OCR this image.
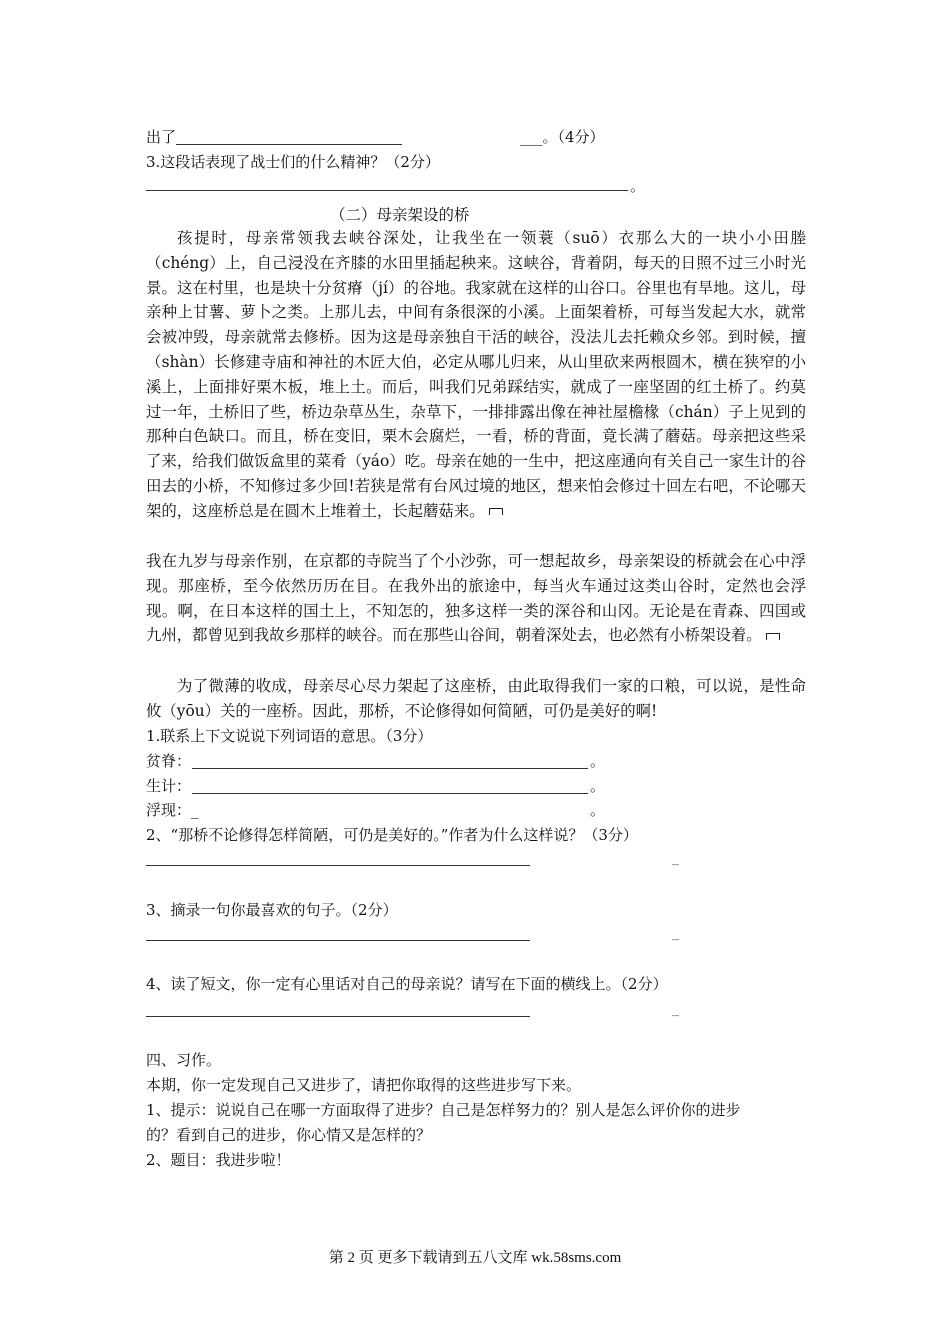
出了	___。（4分）
3.这段话表现了战士们的什么精神？（2分）
。
（二）母亲架设的桥
孩提时，母亲常领我去峡谷深处，让我坐在一领蓑（suō）衣那么大的一块小小田塍（chéng）上，自己浸没在齐膝的水田里插起秧来。这峡谷，背着阴，每天的日照不过三小时光景。这在村里，也是块十分贫瘠（jí）的谷地。我家就在这样的山谷口。谷里也有旱地。这儿，母亲种上甘薯、萝卜之类。上那儿去，中间有条很深的小溪。上面架着桥，可每当发起大水，就常会被冲毁，母亲就常去修桥。因为这是母亲独自干活的峡谷，没法儿去托赖众乡邻。到时候，擅（shàn）长修建寺庙和神社的木匠大伯，必定从哪儿归来，从山里砍来两根圆木，横在狭窄的小溪上，上面排好栗木板，堆上土。而后，叫我们兄弟踩结实，就成了一座坚固的红土桥了。约莫过一年，土桥旧了些，桥边杂草丛生，杂草下，一排排露出像在神社屋檐椽（chán）子上见到的那种白色缺口。而且，桥在变旧，栗木会腐烂，一看，桥的背面，竟长满了蘑菇。母亲把这些采了来，给我们做饭盒里的菜肴（yáo）吃。母亲在她的一生中，把这座通向有关自己一家生计的谷田去的小桥，不知修过多少回!若狭是常有台风过境的地区，想来怕会修过十回左右吧，不论哪天架的，这座桥总是在圆木上堆着土，长起蘑菇来。
我在九岁与母亲作别，在京都的寺院当了个小沙弥，可一想起故乡，母亲架设的桥就会在心中浮现。那座桥，至今依然历历在目。在我外出的旅途中，每当火车通过这类山谷时，定然也会浮现。啊，在日本这样的国土上，不知怎的，独多这样一类的深谷和山冈。无论是在青森、四国或九州，都曾见到我故乡那样的峡谷。而在那些山谷间，朝着深处去，也必然有小桥架设着。
为了微薄的收成，母亲尽心尽力架起了这座桥，由此取得我们一家的口粮，可以说，是性命攸（yōu）关的一座桥。因此，那桥，不论修得如何简陋，可仍是美好的啊!
1.联系上下文说说下列词语的意思。（3分）
贫脊：	。
生计：	。
浮现：_	。
2、“那桥不论修得怎样简陋，可仍是美好的。”作者为什么这样说？（3分）
_
3、摘录一句你最喜欢的句子。（2分）
_
4、读了短文，你一定有心里话对自己的母亲说？请写在下面的横线上。（2分）
_
四、习作。
本期，你一定发现自己又进步了，请把你取得的这些进步写下来。
1、提示：说说自己在哪一方面取得了进步？自己是怎样努力的？别人是怎么评价你的进步
的？看到自己的进步，你心情又是怎样的？
2、题目：我进步啦！
第 2 页 更多下载请到五八文库 wk.58sms.com
